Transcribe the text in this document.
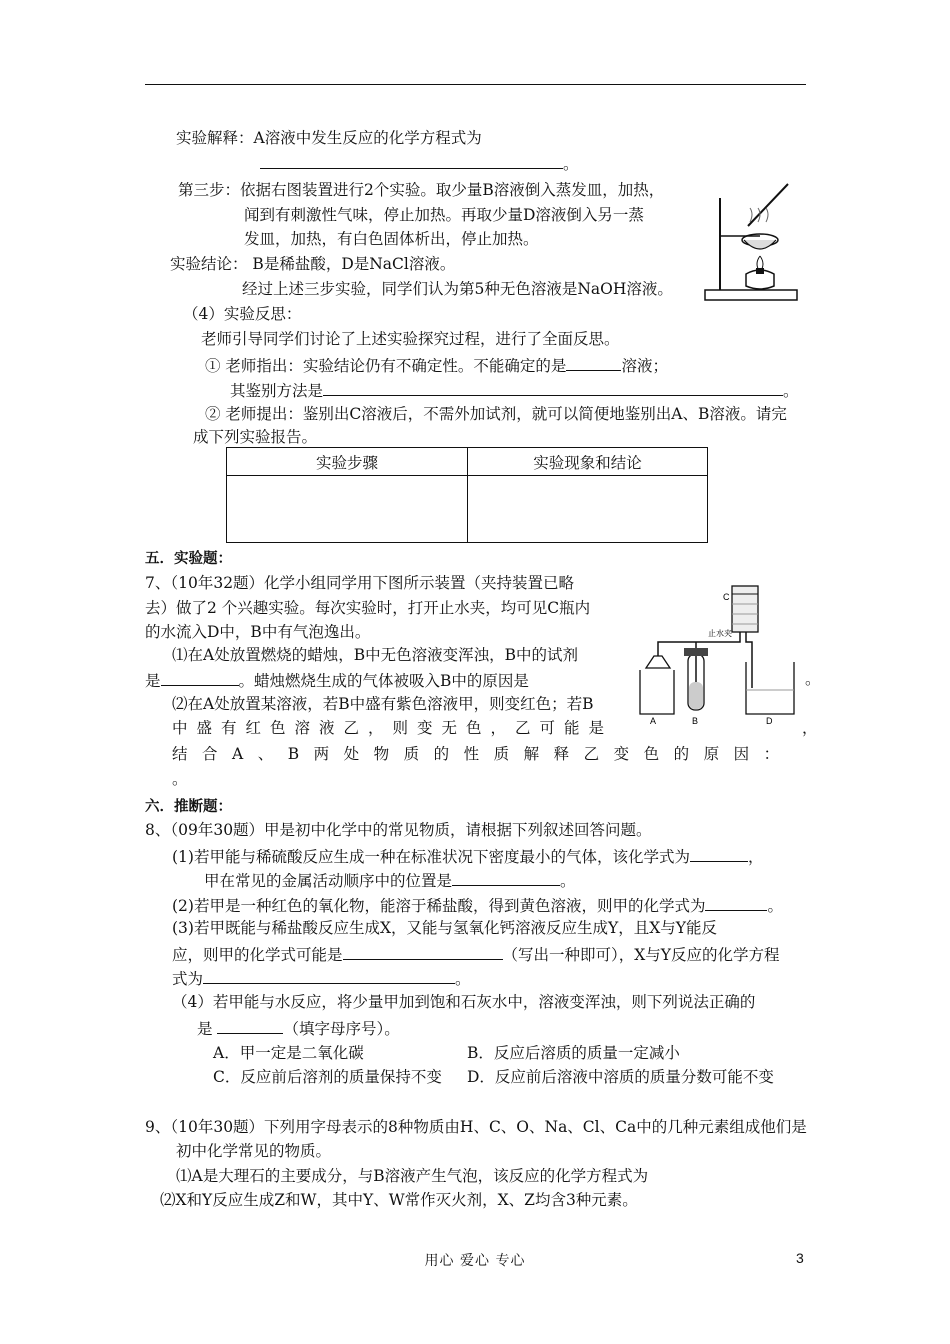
实验解释：A溶液中发生反应的化学方程式为
。
第三步：依据右图装置进行2个实验。取少量B溶液倒入蒸发皿，加热，
闻到有刺激性气味，停止加热。再取少量D溶液倒入另一蒸
发皿，加热，有白色固体析出，停止加热。
实验结论： B是稀盐酸，D是NaCl溶液。
经过上述三步实验，同学们认为第5种无色溶液是NaOH溶液。
（4）实验反思：
老师引导同学们讨论了上述实验探究过程，进行了全面反思。
① 老师指出：实验结论仍有不确定性。不能确定的是	溶液；
其鉴别方法是	。
② 老师提出：鉴别出C溶液后，不需外加试剂，就可以简便地鉴别出A、B溶液。请完
成下列实验报告。
实验步骤	实验现象和结论

五．实验题：
7、（10年32题）化学小组同学用下图所示装置（夹持装置已略
去）做了2 个兴趣实验。每次实验时，打开止水夹，均可见C瓶内
的水流入D中，B中有气泡逸出。
⑴在A处放置燃烧的蜡烛，B中无色溶液变浑浊，B中的试剂
是	。蜡烛燃烧生成的气体被吸入B中的原因是	。
⑵在A处放置某溶液，若B中盛有紫色溶液甲，则变红色；若B
中盛有红色溶液乙，则变无色，乙可能是	，
结合A、B两处物质的性质解释乙变色的原因：
。
C
止水夹
A	B	D
六．推断题：
8、（09年30题）甲是初中化学中的常见物质，请根据下列叙述回答问题。
(1)若甲能与稀硫酸反应生成一种在标准状况下密度最小的气体，该化学式为	，
甲在常见的金属活动顺序中的位置是	。
(2)若甲是一种红色的氧化物，能溶于稀盐酸，得到黄色溶液，则甲的化学式为	。
(3)若甲既能与稀盐酸反应生成X，又能与氢氧化钙溶液反应生成Y，且X与Y能反
应，则甲的化学式可能是	（写出一种即可），X与Y反应的化学方程
式为	。
（4）若甲能与水反应，将少量甲加到饱和石灰水中，溶液变浑浊，则下列说法正确的
是	（填字母序号）。
A．甲一定是二氧化碳	B．反应后溶质的质量一定减小
C．反应前后溶剂的质量保持不变 D．反应前后溶液中溶质的质量分数可能不变
9、（10年30题）下列用字母表示的8种物质由H、C、O、Na、Cl、Ca中的几种元素组成他们是
初中化学常见的物质。
⑴A是大理石的主要成分，与B溶液产生气泡，该反应的化学方程式为
⑵X和Y反应生成Z和W，其中Y、W常作灭火剂，X、Z均含3种元素。
用心 爱心 专心	3
